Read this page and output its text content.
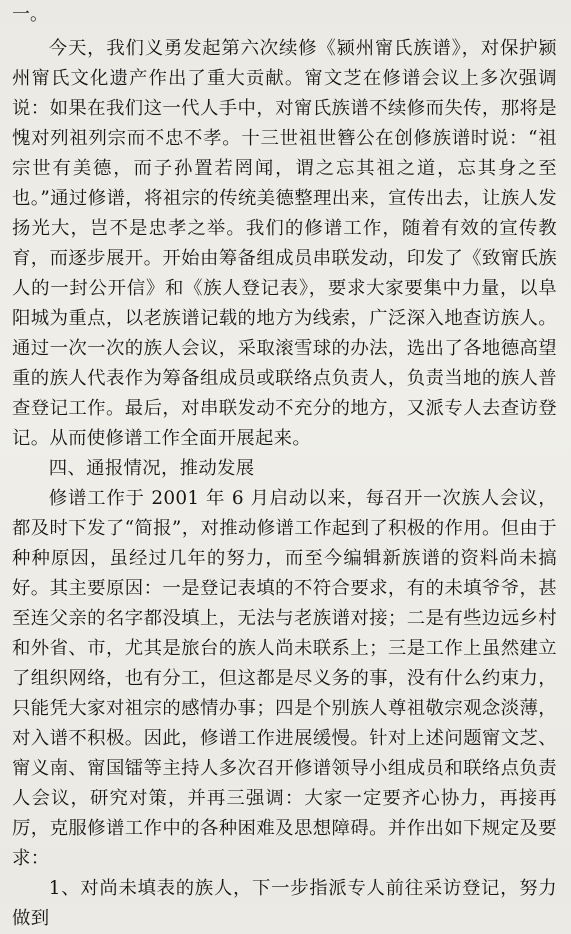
一。

今天，我们义勇发起第六次续修《颍州甯氏族谱》，对保护颍州甯氏文化遗产作出了重大贡献。甯文芝在修谱会议上多次强调说：如果在我们这一代人手中，对甯氏族谱不续修而失传，那将是愧对列祖列宗而不忠不孝。十三世祖世簪公在创修族谱时说：“祖宗世有美德，而子孙置若罔闻，谓之忘其祖之道，忘其身之至也。”通过修谱，将祖宗的传统美德整理出来，宣传出去，让族人发扬光大，岂不是忠孝之举。我们的修谱工作，随着有效的宣传教育，而逐步展开。开始由筹备组成员串联发动，印发了《致甯氏族人的一封公开信》和《族人登记表》，要求大家要集中力量，以阜阳城为重点，以老族谱记载的地方为线索，广泛深入地查访族人。通过一次一次的族人会议，采取滚雪球的办法，选出了各地德高望重的族人代表作为筹备组成员或联络点负责人，负责当地的族人普查登记工作。最后，对串联发动不充分的地方，又派专人去查访登记。从而使修谱工作全面开展起来。

四、通报情况，推动发展

修谱工作于 2001 年 6 月启动以来，每召开一次族人会议，都及时下发了“简报”，对推动修谱工作起到了积极的作用。但由于种种原因，虽经过几年的努力，而至今编辑新族谱的资料尚未搞好。其主要原因：一是登记表填的不符合要求，有的未填爷爷，甚至连父亲的名字都没填上，无法与老族谱对接；二是有些边远乡村和外省、市，尤其是旅台的族人尚未联系上；三是工作上虽然建立了组织网络，也有分工，但这都是尽义务的事，没有什么约束力，只能凭大家对祖宗的感情办事；四是个别族人尊祖敬宗观念淡薄，对入谱不积极。因此，修谱工作进展缓慢。针对上述问题甯文芝、甯义南、甯国镭等主持人多次召开修谱领导小组成员和联络点负责人会议，研究对策，并再三强调：大家一定要齐心协力，再接再厉，克服修谱工作中的各种困难及思想障碍。并作出如下规定及要求：

1、对尚未填表的族人，下一步指派专人前往采访登记，努力做到
